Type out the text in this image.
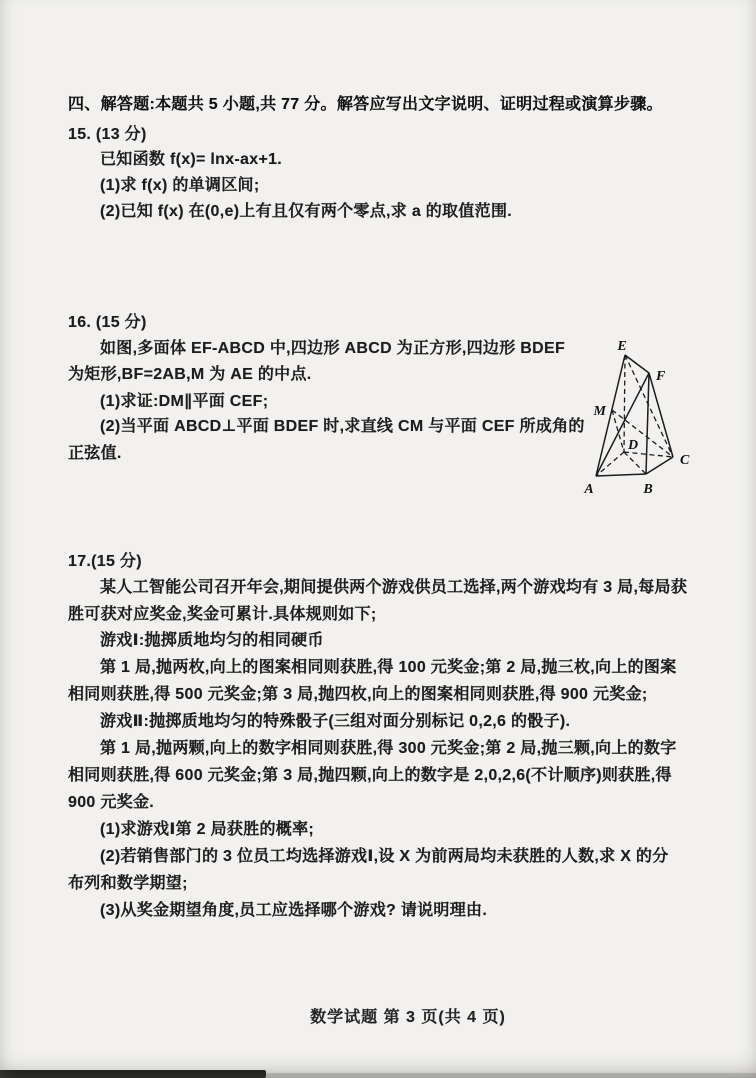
四、解答题:本题共 5 小题,共 77 分。解答应写出文字说明、证明过程或演算步骤。
15. (13 分)
已知函数 f(x)= lnx-ax+1.
(1)求 f(x) 的单调区间;
(2)已知 f(x) 在(0,e)上有且仅有两个零点,求 a 的取值范围.
16. (15 分)
如图,多面体 EF-ABCD 中,四边形 ABCD 为正方形,四边形 BDEF
为矩形,BF=2AB,M 为 AE 的中点.
(1)求证:DM∥平面 CEF;
(2)当平面 ABCD⊥平面 BDEF 时,求直线 CM 与平面 CEF 所成角的
正弦值.
E
F
M
D
A	B
C
17.(15 分)
某人工智能公司召开年会,期间提供两个游戏供员工选择,两个游戏均有 3 局,每局获
胜可获对应奖金,奖金可累计.具体规则如下;
游戏Ⅰ:抛掷质地均匀的相同硬币
第 1 局,抛两枚,向上的图案相同则获胜,得 100 元奖金;第 2 局,抛三枚,向上的图案
相同则获胜,得 500 元奖金;第 3 局,抛四枚,向上的图案相同则获胜,得 900 元奖金;
游戏Ⅱ:抛掷质地均匀的特殊骰子(三组对面分别标记 0,2,6 的骰子).
第 1 局,抛两颗,向上的数字相同则获胜,得 300 元奖金;第 2 局,抛三颗,向上的数字
相同则获胜,得 600 元奖金;第 3 局,抛四颗,向上的数字是 2,0,2,6(不计顺序)则获胜,得
900 元奖金.
(1)求游戏Ⅰ第 2 局获胜的概率;
(2)若销售部门的 3 位员工均选择游戏Ⅰ,设 X 为前两局均未获胜的人数,求 X 的分
布列和数学期望;
(3)从奖金期望角度,员工应选择哪个游戏? 请说明理由.
数学试题 第 3 页(共 4 页)
